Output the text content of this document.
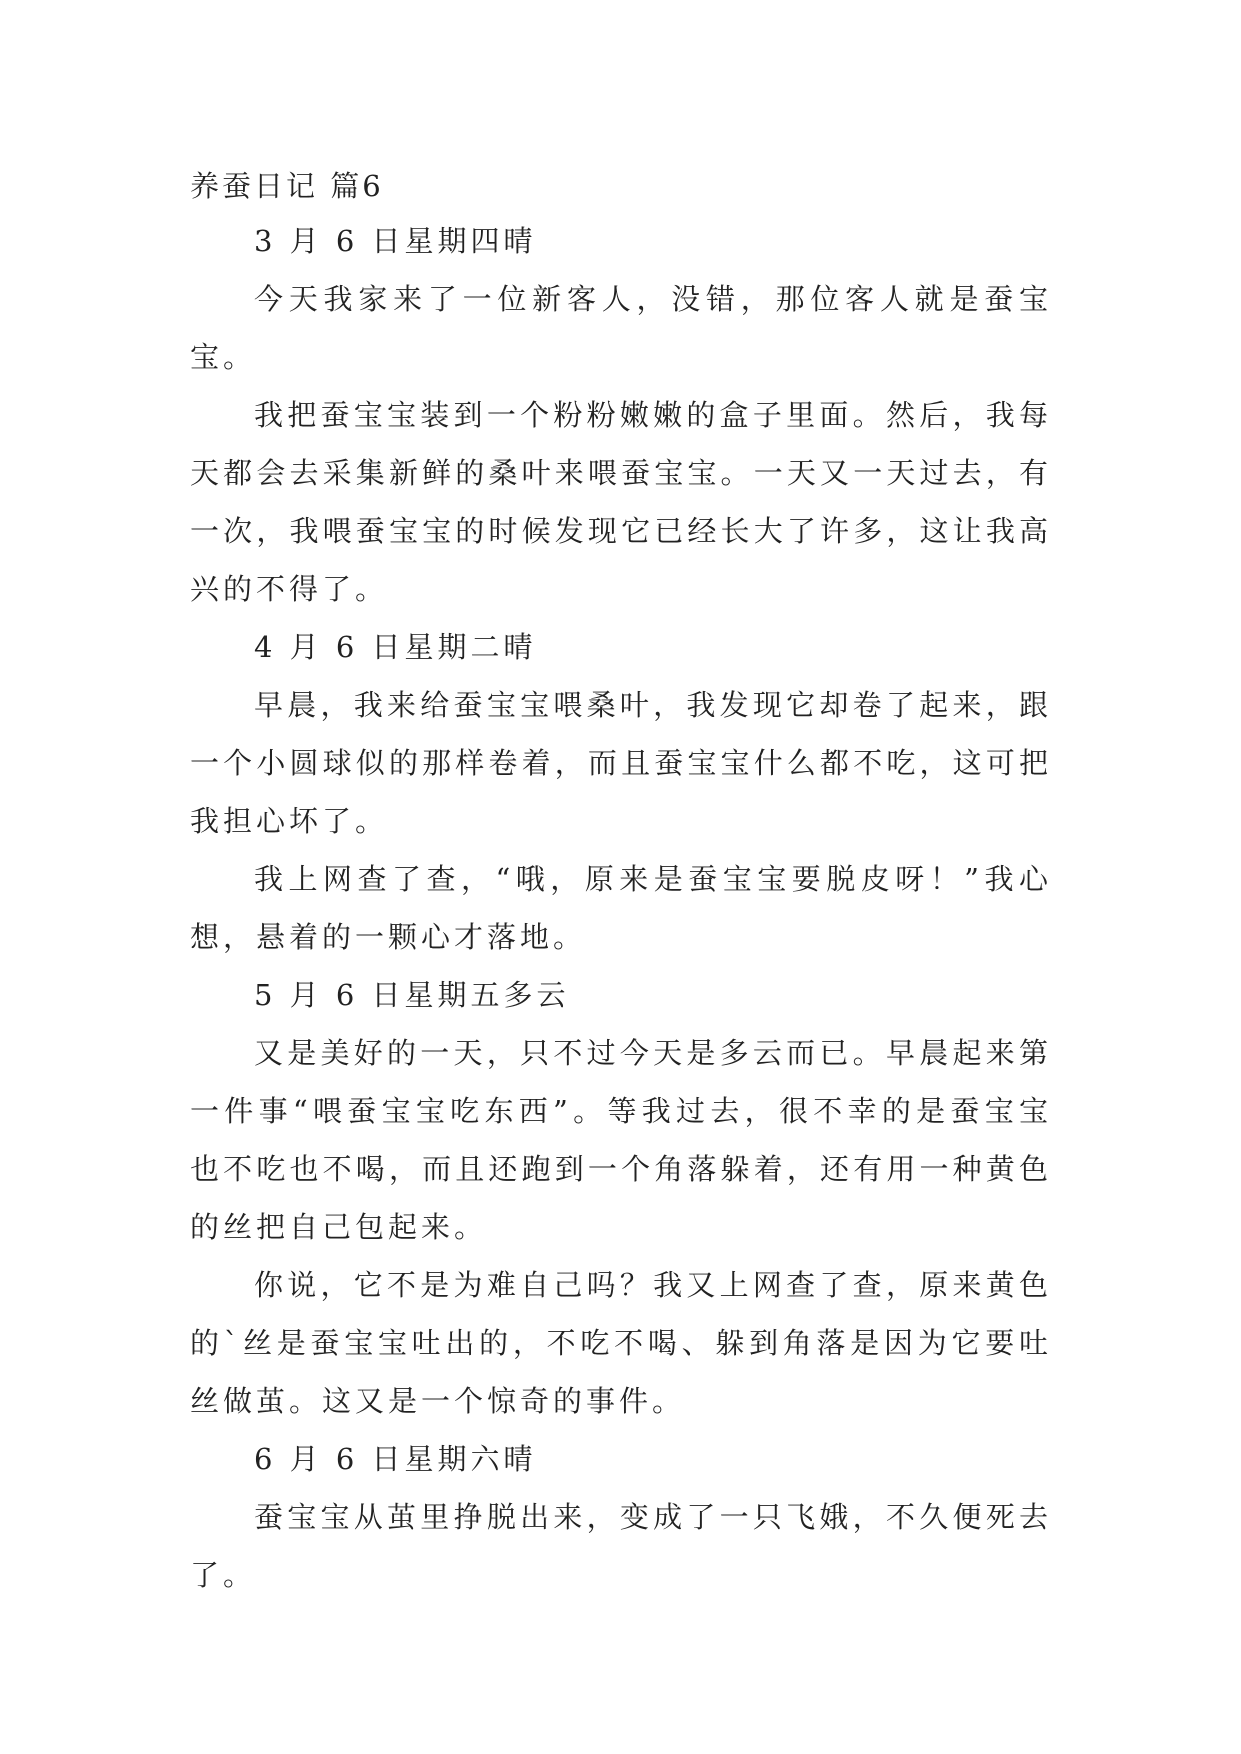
养蚕日记 篇6

3 月 6 日星期四晴

今天我家来了一位新客人，没错，那位客人就是蚕宝宝。

我把蚕宝宝装到一个粉粉嫩嫩的盒子里面。然后，我每天都会去采集新鲜的桑叶来喂蚕宝宝。一天又一天过去，有一次，我喂蚕宝宝的时候发现它已经长大了许多，这让我高兴的不得了。

4 月 6 日星期二晴

早晨，我来给蚕宝宝喂桑叶，我发现它却卷了起来，跟一个小圆球似的那样卷着，而且蚕宝宝什么都不吃，这可把我担心坏了。

我上网查了查，“哦，原来是蚕宝宝要脱皮呀！”我心想，悬着的一颗心才落地。

5 月 6 日星期五多云

又是美好的一天，只不过今天是多云而已。早晨起来第一件事“喂蚕宝宝吃东西”。等我过去，很不幸的是蚕宝宝也不吃也不喝，而且还跑到一个角落躲着，还有用一种黄色的丝把自己包起来。

你说，它不是为难自己吗？我又上网查了查，原来黄色的`丝是蚕宝宝吐出的，不吃不喝、躲到角落是因为它要吐丝做茧。这又是一个惊奇的事件。

6 月 6 日星期六晴

蚕宝宝从茧里挣脱出来，变成了一只飞娥，不久便死去了。
